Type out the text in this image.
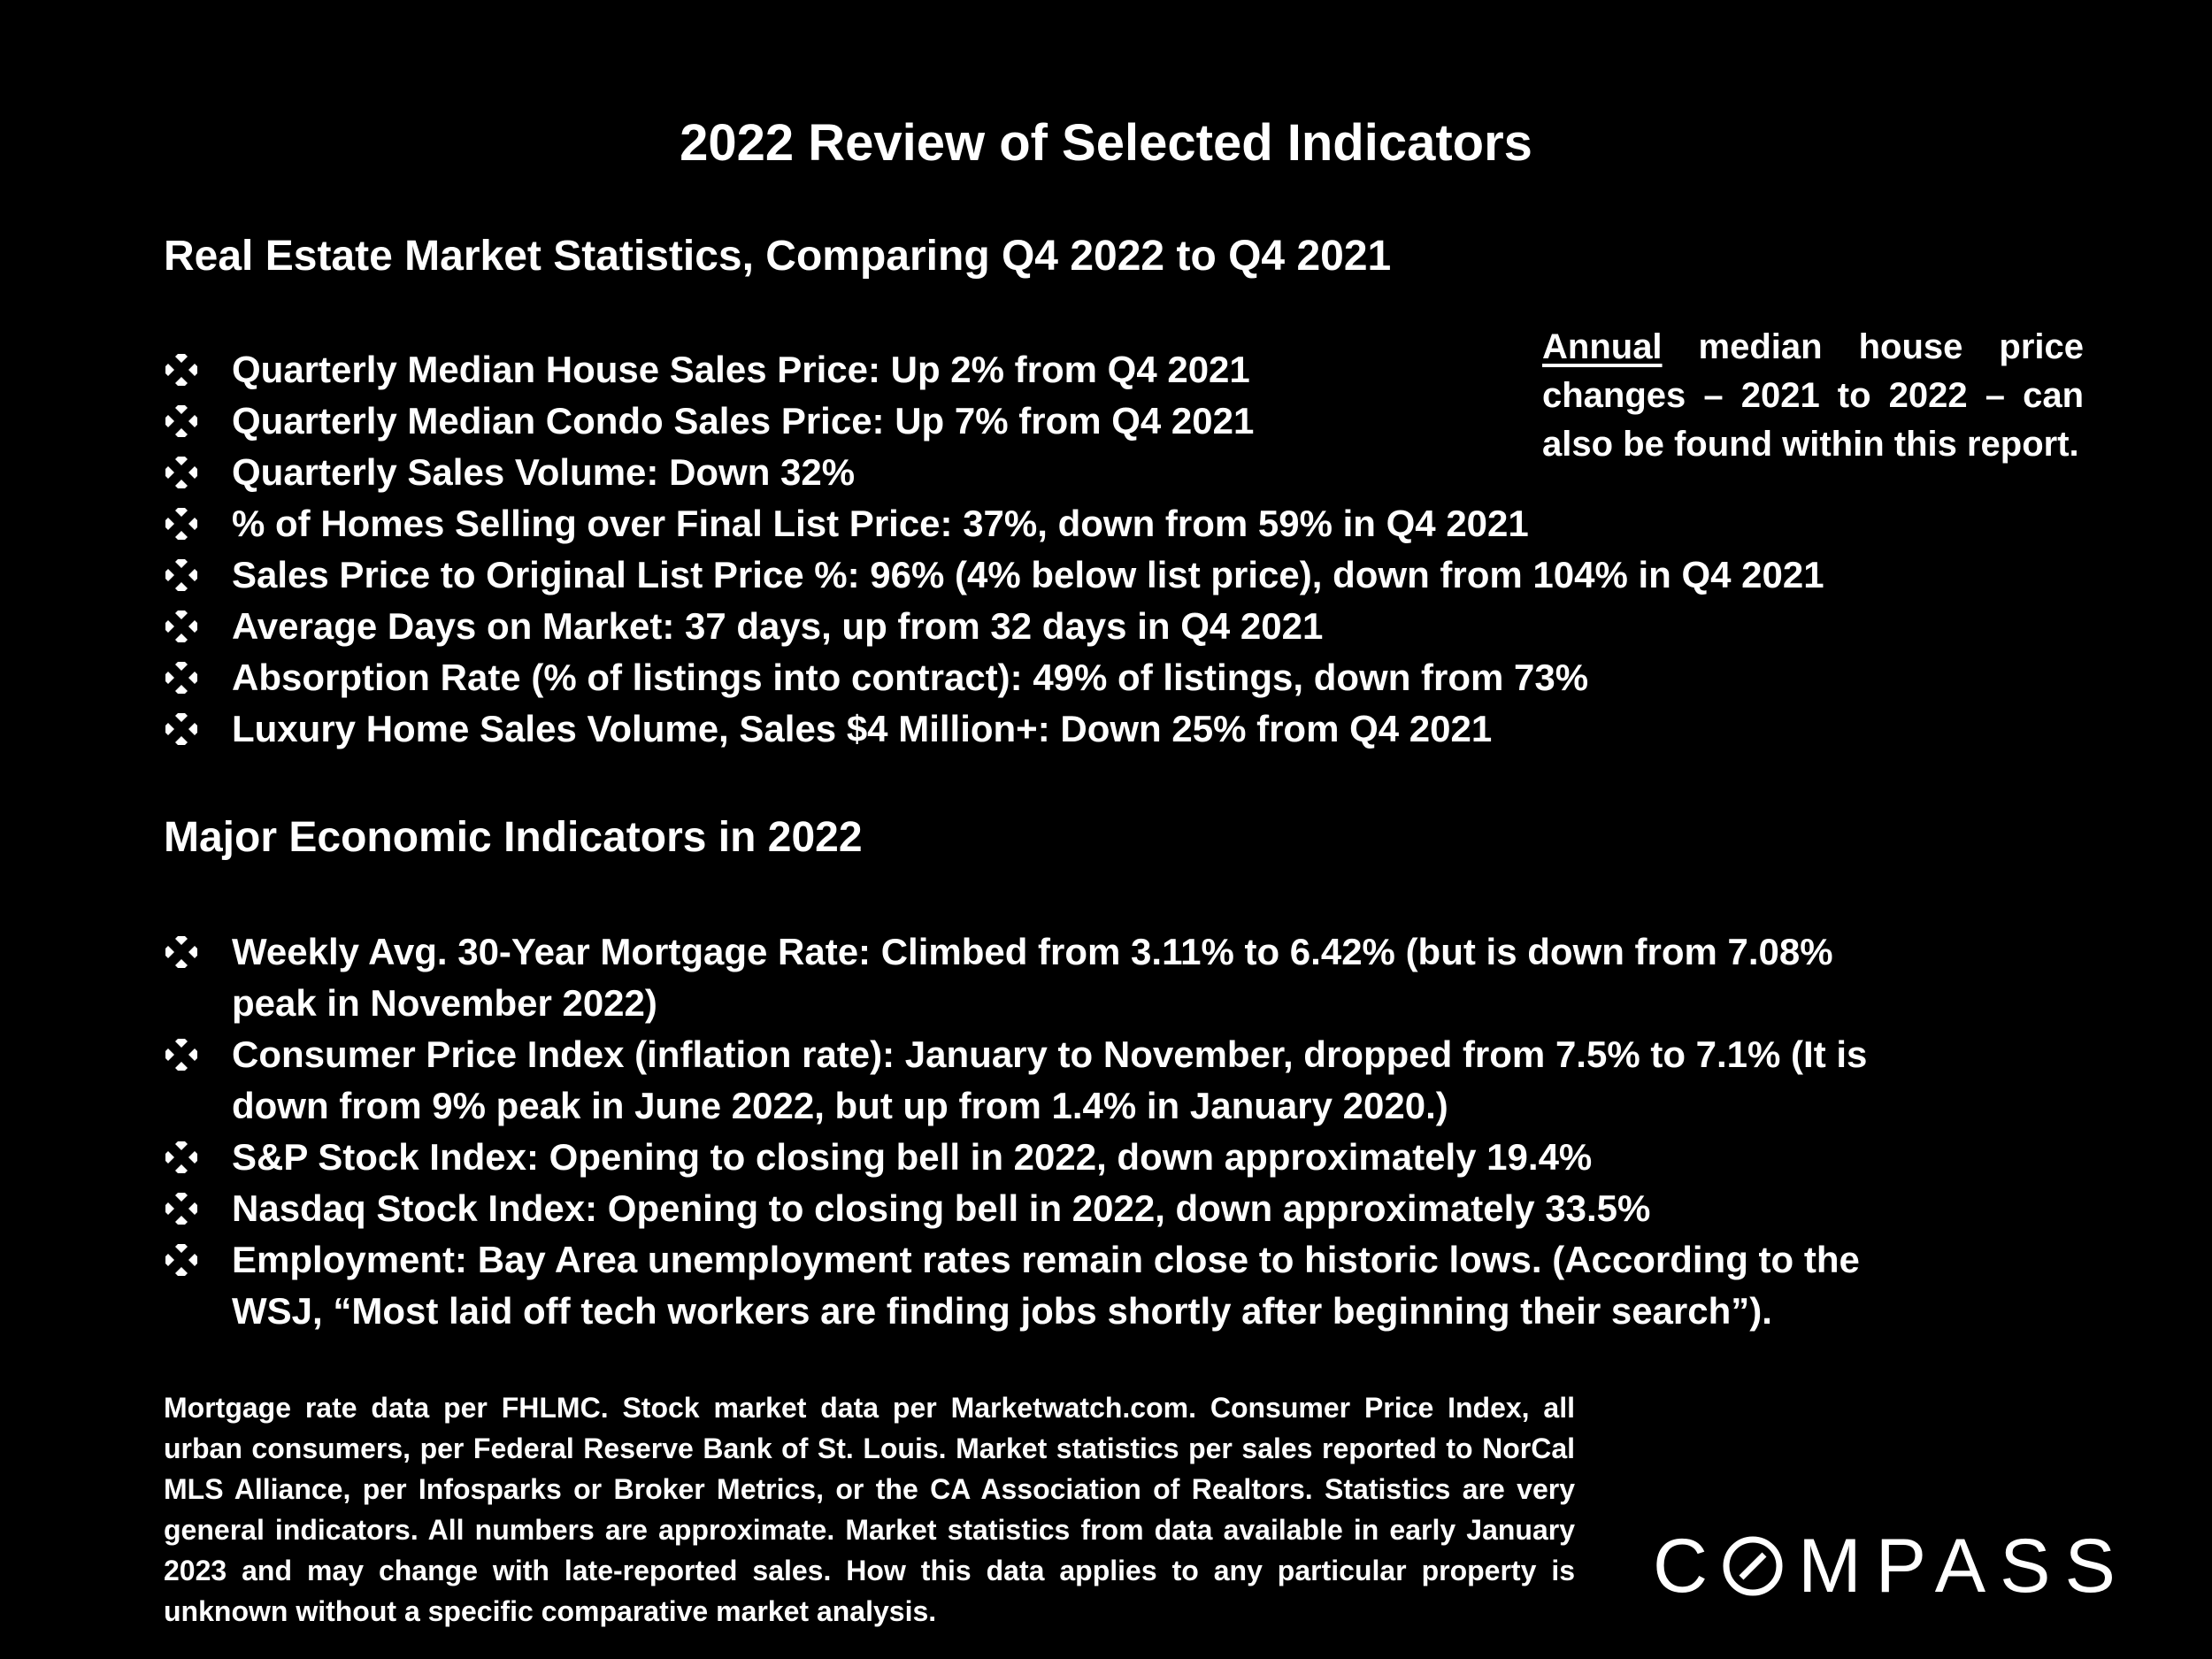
2022 Review of Selected Indicators
Real Estate Market Statistics, Comparing Q4 2022 to Q4 2021
Quarterly Median House Sales Price: Up 2% from Q4 2021
Quarterly Median Condo Sales Price: Up 7% from Q4 2021
Quarterly Sales Volume: Down 32%
% of Homes Selling over Final List Price: 37%, down from 59% in Q4 2021
Sales Price to Original List Price %: 96% (4% below list price), down from 104% in Q4 2021
Average Days on Market: 37 days, up from 32 days in Q4 2021
Absorption Rate (% of listings into contract): 49% of listings, down from 73%
Luxury Home Sales Volume, Sales $4 Million+: Down 25% from Q4 2021
Annual median house price changes – 2021 to 2022 – can also be found within this report.
Major Economic Indicators in 2022
Weekly Avg. 30-Year Mortgage Rate: Climbed from 3.11% to 6.42% (but is down from 7.08% peak in November 2022)
Consumer Price Index (inflation rate): January to November, dropped from 7.5% to 7.1% (It is down from 9% peak in June 2022, but up from 1.4% in January 2020.)
S&P Stock Index: Opening to closing bell in 2022, down approximately 19.4%
Nasdaq Stock Index: Opening to closing bell in 2022, down approximately 33.5%
Employment: Bay Area unemployment rates remain close to historic lows. (According to the WSJ, “Most laid off tech workers are finding jobs shortly after beginning their search”).
Mortgage rate data per FHLMC. Stock market data per Marketwatch.com. Consumer Price Index, all urban consumers, per Federal Reserve Bank of St. Louis. Market statistics per sales reported to NorCal MLS Alliance, per Infosparks or Broker Metrics, or the CA Association of Realtors. Statistics are very general indicators. All numbers are approximate. Market statistics from data available in early January 2023 and may change with late-reported sales. How this data applies to any particular property is unknown without a specific comparative market analysis.
C MPASS
